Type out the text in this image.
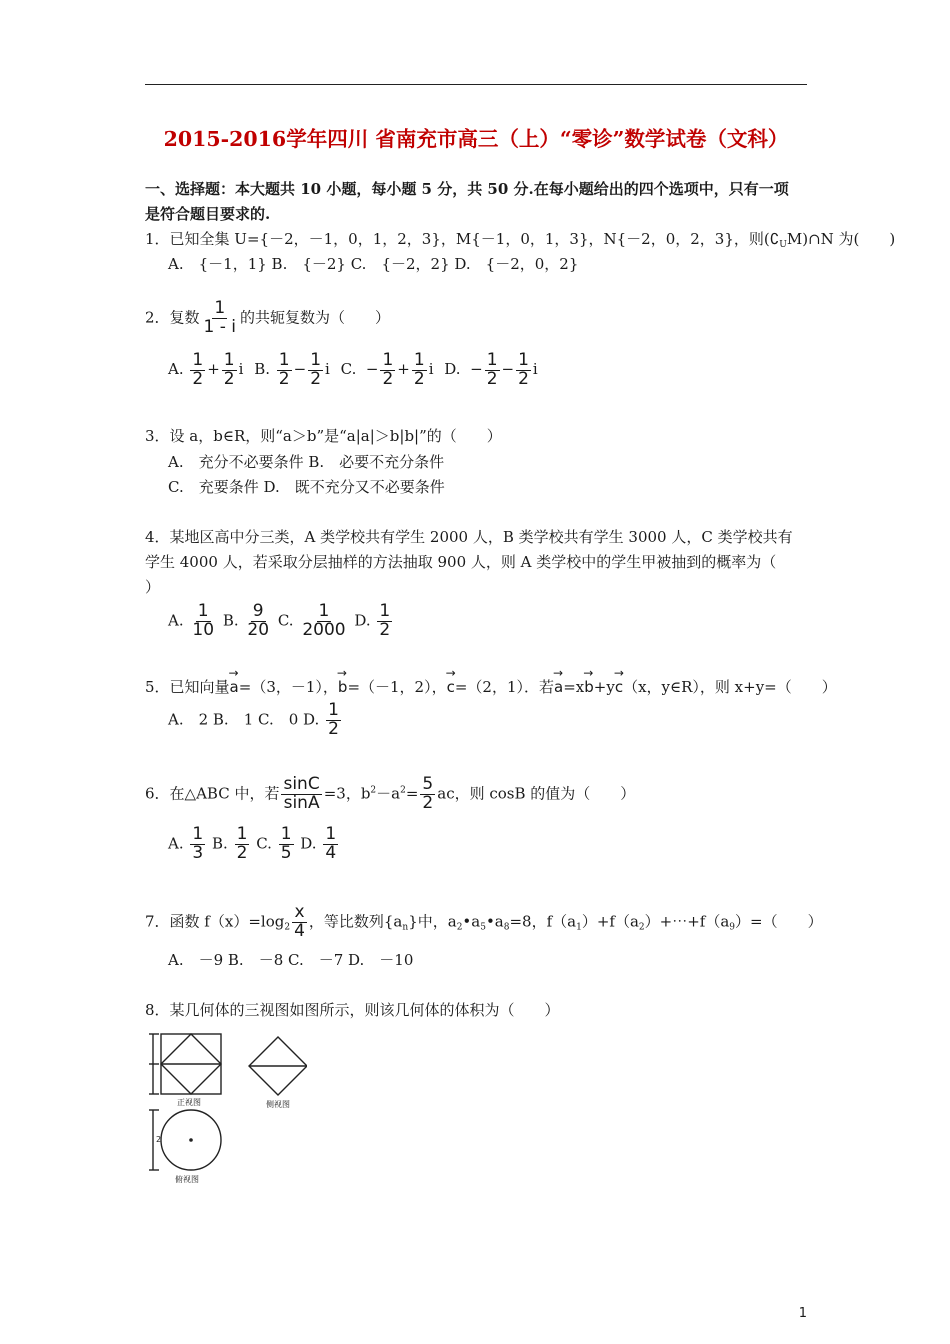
2015-2016学年四川 省南充市高三（上）“零诊”数学试卷（文科）
一、选择题：本大题共 10 小题，每小题 5 分，共 50 分.在每小题给出的四个选项中，只有一项
是符合题目要求的.
1．已知全集 U={－2，－1，0，1，2，3}，M{－1，0，1，3}，N{－2，0，2，3}，则$(∁_UM)\cap N$ 为(　　)
A.　{－1，1} B.　{－2} C.　{－2，2} D.　{－2，0，2}
2．复数 $\frac{1}{1 - i}$ 的共轭复数为（　　）
A. $\frac{1}{2} + \frac{1}{2}$ i B. $\frac{1}{2} - \frac{1}{2}$ i C. − $\frac{1}{2} + \frac{1}{2}$ i D. − $\frac{1}{2} - \frac{1}{2}$ i
3．设 a，b∈R，则“a＞b”是“a|a|＞b|b|”的（　　）
A.　充分不必要条件 B.　必要不充分条件
C.　充要条件 D.　既不充分又不必要条件
4．某地区高中分三类，A 类学校共有学生 2000 人，B 类学校共有学生 3000 人，C 类学校共有
学生 4000 人，若采取分层抽样的方法抽取 900 人，则 A 类学校中的学生甲被抽到的概率为（
）
A. $\frac{1}{10} B$. $\frac{9}{20} C$. $\frac{1}{2000} D$. $\frac{1}{2}$
5．已知向量→ a=（3，－1），→ b=（－1，2），→ c=（2，1）．若→ a=x→ b+y→ c（x，y∈R），则 x+y=（　　）
A.　2 B.　1 C.　0 D. $\frac{1}{2}$
6．在△ABC 中，若 $\frac{\sin C}{\sin A} =3$，$b^2-a^2= \frac{5}{2}$ ac，则 cosB 的值为（　　）
A. $\frac{1}{3} B$. $\frac{1}{2} C$. $\frac{1}{5} D$. $\frac{1}{4}$
7．函数 $f(x)=\log_2 \frac{x}{4}$ ，等比数列$\{a_n\}$中，$a_2•a_5•a_8=8$，$f(a_1)+f(a_2)+\cdots+f(a_9)=$（　　）
A.　－9 B.　－8 C.　－7 D.　－10
8．某几何体的三视图如图所示，则该几何体的体积为（　　）
正视图	侧视图
2
俯视图
1
